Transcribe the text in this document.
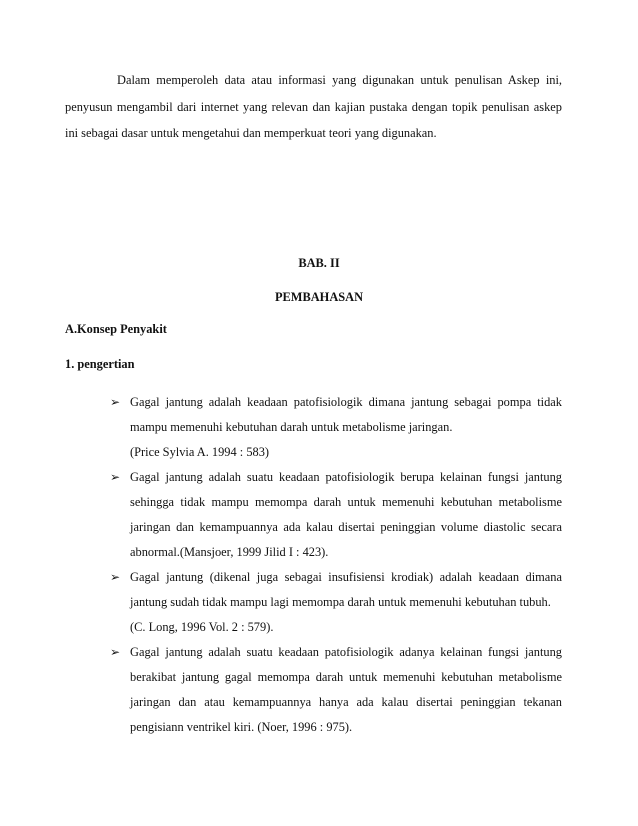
Dalam memperoleh data atau informasi yang digunakan untuk penulisan Askep ini, penyusun mengambil dari internet yang relevan dan kajian pustaka dengan topik penulisan askep ini sebagai dasar untuk mengetahui dan memperkuat teori yang digunakan.

BAB. II
PEMBAHASAN
A.Konsep Penyakit
1. pengertian
➢ Gagal jantung adalah keadaan patofisiologik dimana jantung sebagai pompa tidak mampu memenuhi kebutuhan darah untuk metabolisme jaringan.
(Price Sylvia A. 1994 : 583)
➢ Gagal jantung adalah suatu keadaan patofisiologik berupa kelainan fungsi jantung sehingga tidak mampu memompa darah untuk memenuhi kebutuhan metabolisme jaringan dan kemampuannya ada kalau disertai peninggian volume diastolic secara abnormal.(Mansjoer, 1999 Jilid I : 423).
➢ Gagal jantung (dikenal juga sebagai insufisiensi krodiak) adalah keadaan dimana jantung sudah tidak mampu lagi memompa darah untuk memenuhi kebutuhan tubuh.
(C. Long, 1996 Vol. 2 : 579).
➢ Gagal jantung adalah suatu keadaan patofisiologik adanya kelainan fungsi jantung berakibat jantung gagal memompa darah untuk memenuhi kebutuhan metabolisme jaringan dan atau kemampuannya hanya ada kalau disertai peninggian tekanan pengisiann ventrikel kiri. (Noer, 1996 : 975).
